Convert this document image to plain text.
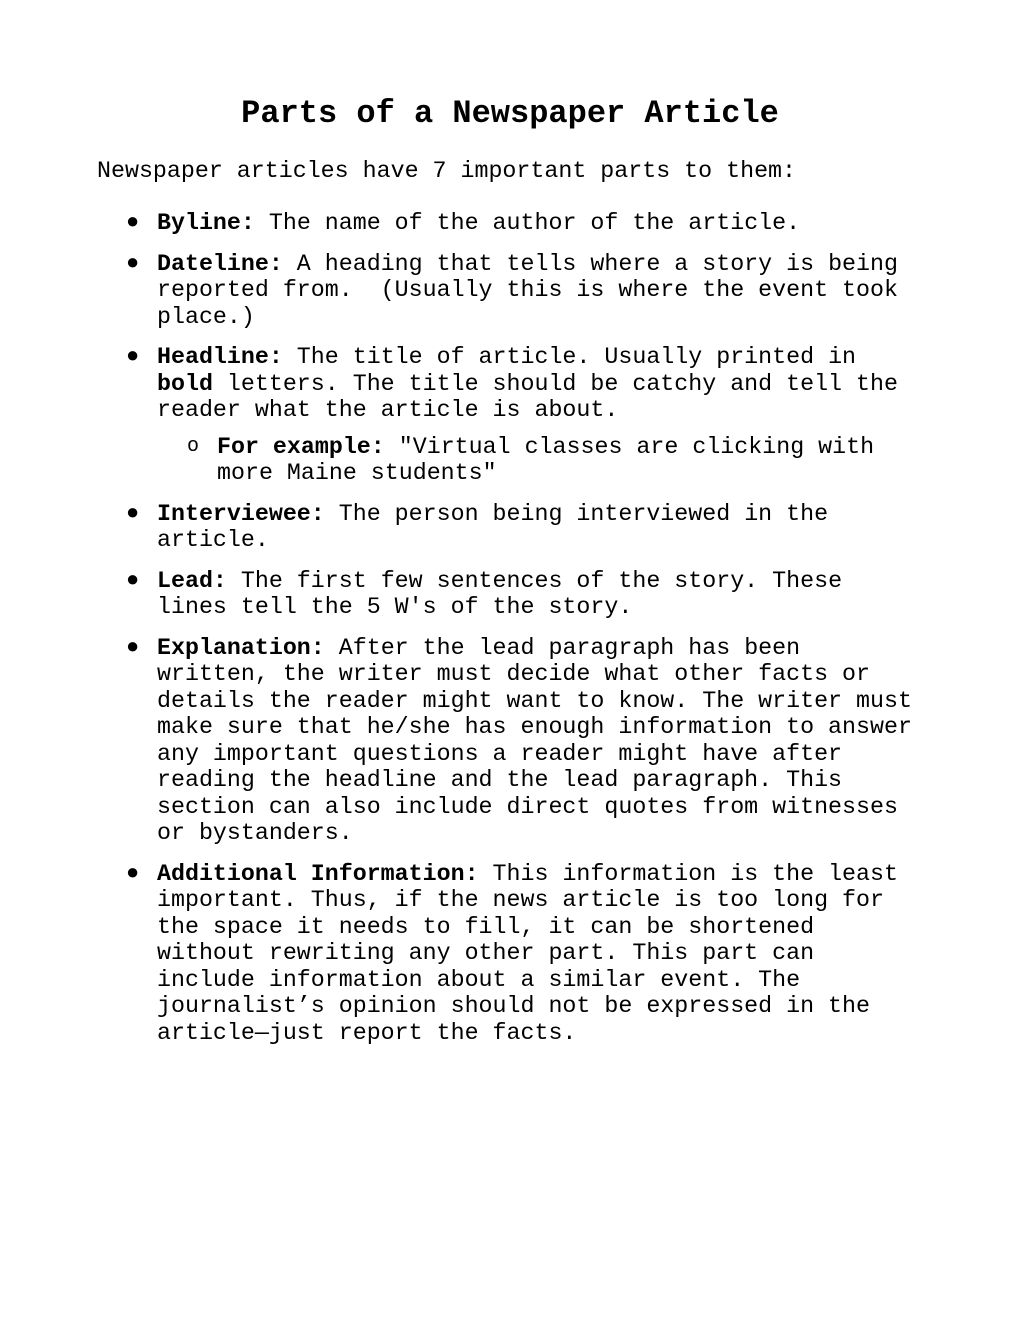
Parts of a Newspaper Article

Newspaper articles have 7 important parts to them:

● Byline: The name of the author of the article.
● Dateline: A heading that tells where a story is being
reported from.  (Usually this is where the event took
place.)
● Headline: The title of article. Usually printed in
bold letters. The title should be catchy and tell the
reader what the article is about.
o For example: "Virtual classes are clicking with
more Maine students"
● Interviewee: The person being interviewed in the
article.
● Lead: The first few sentences of the story. These
lines tell the 5 W's of the story.
● Explanation: After the lead paragraph has been
written, the writer must decide what other facts or
details the reader might want to know. The writer must
make sure that he/she has enough information to answer
any important questions a reader might have after
reading the headline and the lead paragraph. This
section can also include direct quotes from witnesses
or bystanders.
● Additional Information: This information is the least
important. Thus, if the news article is too long for
the space it needs to fill, it can be shortened
without rewriting any other part. This part can
include information about a similar event. The
journalist’s opinion should not be expressed in the
article—just report the facts.
